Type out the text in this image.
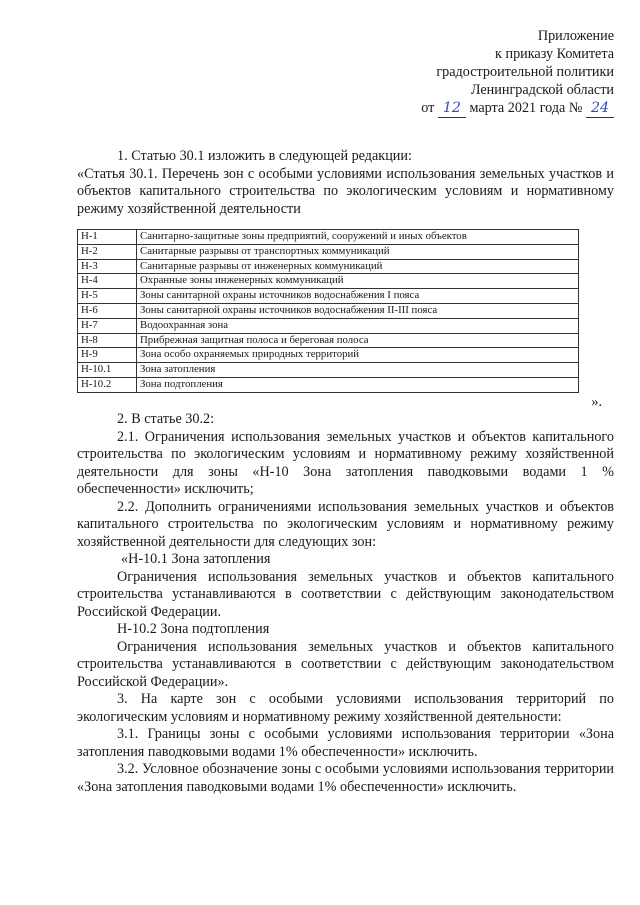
Приложение
к приказу Комитета
градостроительной политики
Ленинградской области
от 12 марта 2021 года № 24

1. Статью 30.1 изложить в следующей редакции:

«Статья 30.1. Перечень зон с особыми условиями использования земельных участков и объектов капитального строительства по экологическим условиям и нормативному режиму хозяйственной деятельности

Н-1	Санитарно-защитные зоны предприятий, сооружений и иных объектов
Н-2	Санитарные разрывы от транспортных коммуникаций
Н-3	Санитарные разрывы от инженерных коммуникаций
Н-4	Охранные зоны инженерных коммуникаций
Н-5	Зоны санитарной охраны источников водоснабжения I пояса
Н-6	Зоны санитарной охраны источников водоснабжения II-III пояса
Н-7	Водоохранная зона
Н-8	Прибрежная защитная полоса и береговая полоса
Н-9	Зона особо охраняемых природных территорий
Н-10.1	Зона затопления
Н-10.2	Зона подтопления
».

2. В статье 30.2:

2.1. Ограничения использования земельных участков и объектов капитального строительства по экологическим условиям и нормативному режиму хозяйственной деятельности для зоны «Н-10 Зона затопления паводковыми водами 1 % обеспеченности» исключить;

2.2. Дополнить ограничениями использования земельных участков и объектов капитального строительства по экологическим условиям и нормативному режиму хозяйственной деятельности для следующих зон:

«Н-10.1 Зона затопления

Ограничения использования земельных участков и объектов капитального строительства устанавливаются в соответствии с действующим законодательством Российской Федерации.

Н-10.2 Зона подтопления

Ограничения использования земельных участков и объектов капитального строительства устанавливаются в соответствии с действующим законодательством Российской Федерации».

3. На карте зон с особыми условиями использования территорий по экологическим условиям и нормативному режиму хозяйственной деятельности:

3.1. Границы зоны с особыми условиями использования территории «Зона затопления паводковыми водами 1% обеспеченности» исключить.

3.2. Условное обозначение зоны с особыми условиями использования территории «Зона затопления паводковыми водами 1% обеспеченности» исключить.
